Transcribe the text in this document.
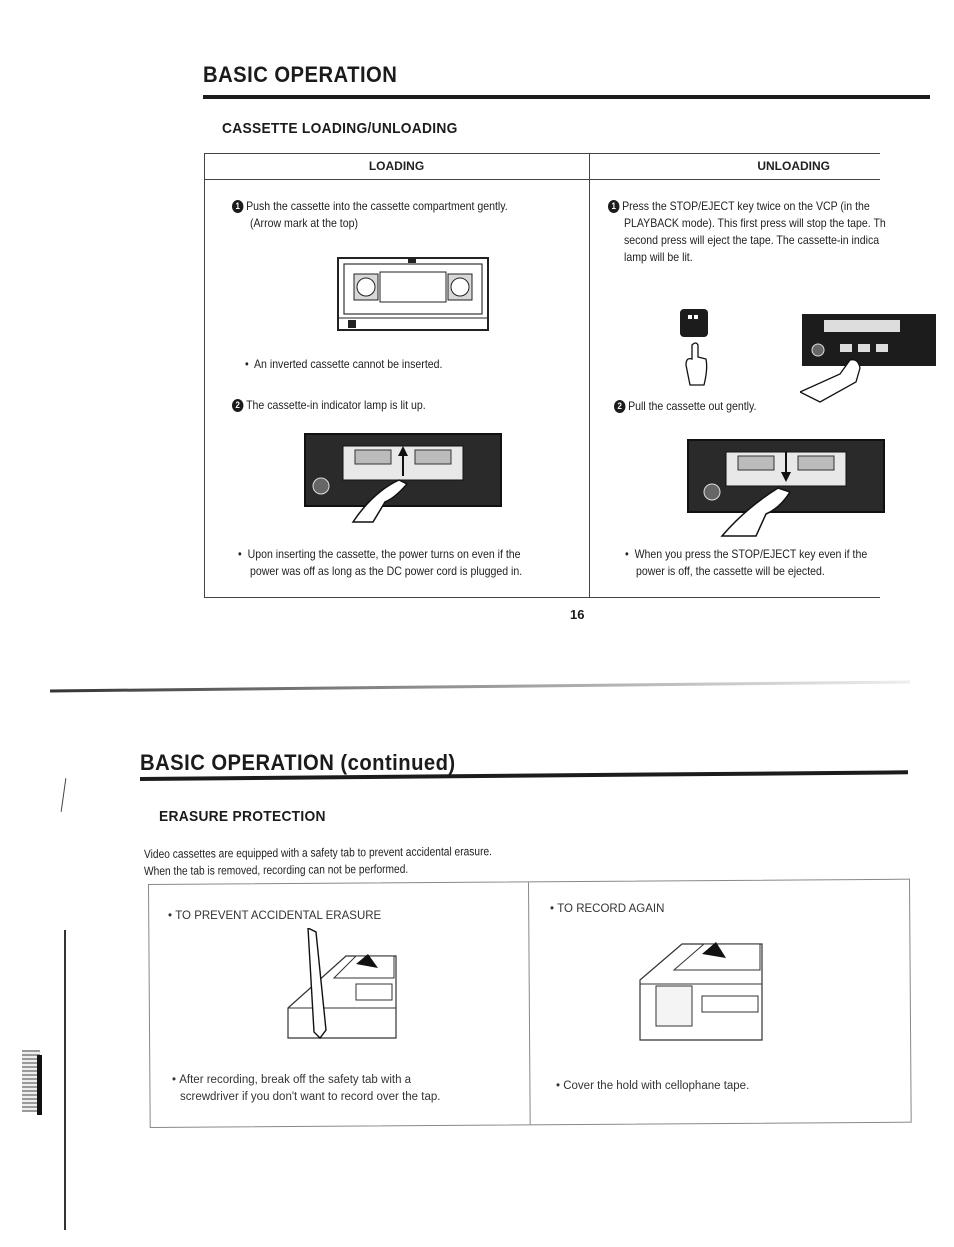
BASIC OPERATION
CASSETTE LOADING/UNLOADING
LOADING	UNLOADING
1 Push the cassette into the cassette compartment gently.
(Arrow mark at the top)
•  An inverted cassette cannot be inserted.
2 The cassette-in indicator lamp is lit up.
•  Upon inserting the cassette, the power turns on even if the
power was off as long as the DC power cord is plugged in.
1 Press the STOP/EJECT key twice on the VCP (in the
PLAYBACK mode). This first press will stop the tape. Th
second press will eject the tape. The cassette-in indica
lamp will be lit.
2 Pull the cassette out gently.
•  When you press the STOP/EJECT key even if the
power is off, the cassette will be ejected.
16
BASIC OPERATION (continued)
ERASURE PROTECTION
Video cassettes are equipped with a safety tab to prevent accidental erasure.
When the tab is removed, recording can not be performed.
• TO PREVENT ACCIDENTAL ERASURE
• TO RECORD AGAIN
• After recording, break off the safety tab with a
screwdriver if you don't want to record over the tap.
• Cover the hold with cellophane tape.
